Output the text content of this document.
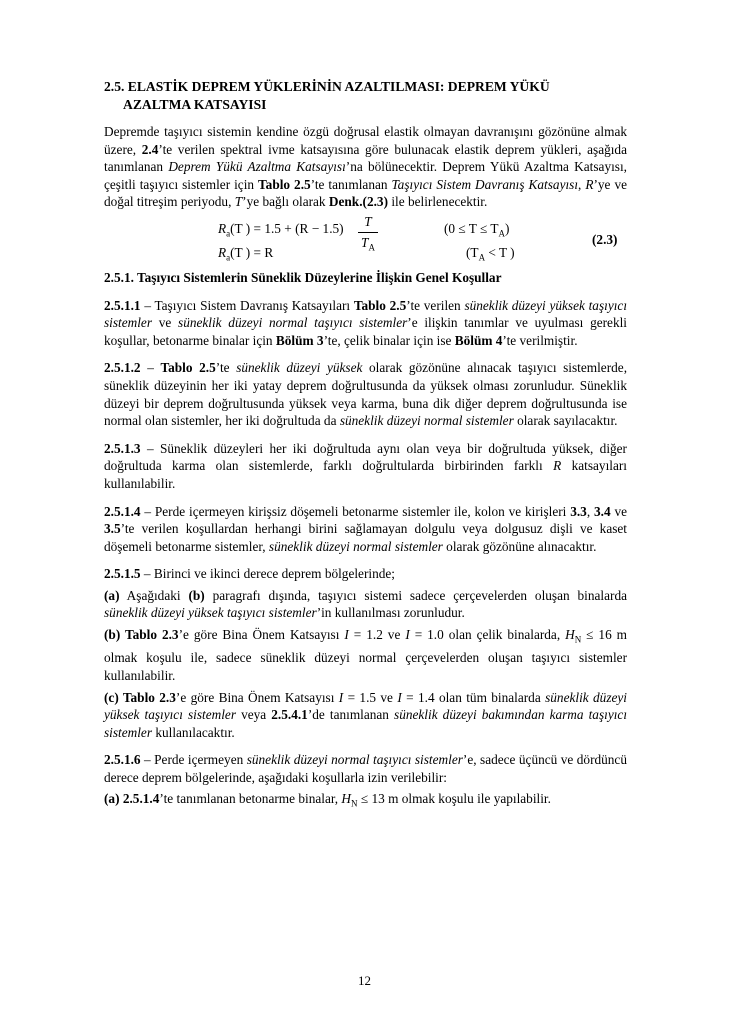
2.5. ELASTİK DEPREM YÜKLERİNİN AZALTILMASI: DEPREM YÜKÜ
AZALTMA KATSAYISI

Depremde taşıyıcı sistemin kendine özgü doğrusal elastik olmayan davranışını gözönüne almak üzere, 2.4’te verilen spektral ivme katsayısına göre bulunacak elastik deprem yükleri, aşağıda tanımlanan Deprem Yükü Azaltma Katsayısı’na bölünecektir. Deprem Yükü Azaltma Katsayısı, çeşitli taşıyıcı sistemler için Tablo 2.5’te tanımlanan Taşıyıcı Sistem Davranış Katsayısı, R’ye ve doğal titreşim periyodu, T’ye bağlı olarak Denk.(2.3) ile belirlenecektir.

$R_a(T$ ) = 1.5 + (R − 1.5)	T
$T_A$
$(0 \le T \le T_A)$
(2.3)
$R_a(T$ ) = R	($T_A < T$ )
2.5.1. Taşıyıcı Sistemlerin Süneklik Düzeylerine İlişkin Genel Koşullar

2.5.1.1 – Taşıyıcı Sistem Davranış Katsayıları Tablo 2.5’te verilen süneklik düzeyi yüksek taşıyıcı sistemler ve süneklik düzeyi normal taşıyıcı sistemler’e ilişkin tanımlar ve uyulması gerekli koşullar, betonarme binalar için Bölüm 3’te, çelik binalar için ise Bölüm 4’te verilmiştir.

2.5.1.2 – Tablo 2.5’te süneklik düzeyi yüksek olarak gözönüne alınacak taşıyıcı sistemlerde, süneklik düzeyinin her iki yatay deprem doğrultusunda da yüksek olması zorunludur. Süneklik düzeyi bir deprem doğrultusunda yüksek veya karma, buna dik diğer deprem doğrultusunda ise normal olan sistemler, her iki doğrultuda da süneklik düzeyi normal sistemler olarak sayılacaktır.

2.5.1.3 – Süneklik düzeyleri her iki doğrultuda aynı olan veya bir doğrultuda yüksek, diğer doğrultuda karma olan sistemlerde, farklı doğrultularda birbirinden farklı R katsayıları kullanılabilir.

2.5.1.4 – Perde içermeyen kirişsiz döşemeli betonarme sistemler ile, kolon ve kirişleri 3.3, 3.4 ve 3.5’te verilen koşullardan herhangi birini sağlamayan dolgulu veya dolgusuz dişli ve kaset döşemeli betonarme sistemler, süneklik düzeyi normal sistemler olarak gözönüne alınacaktır.

2.5.1.5 – Birinci ve ikinci derece deprem bölgelerinde;

(a) Aşağıdaki (b) paragrafı dışında, taşıyıcı sistemi sadece çerçevelerden oluşan binalarda süneklik düzeyi yüksek taşıyıcı sistemler’in kullanılması zorunludur.

(b) Tablo 2.3’e göre Bina Önem Katsayısı I = 1.2 ve I = 1.0 olan çelik binalarda, $H_N \le 16$ m olmak koşulu ile, sadece süneklik düzeyi normal çerçevelerden oluşan taşıyıcı sistemler kullanılabilir.

(c) Tablo 2.3’e göre Bina Önem Katsayısı I = 1.5 ve I = 1.4 olan tüm binalarda süneklik düzeyi yüksek taşıyıcı sistemler veya 2.5.4.1’de tanımlanan süneklik düzeyi bakımından karma taşıyıcı sistemler kullanılacaktır.

2.5.1.6 – Perde içermeyen süneklik düzeyi normal taşıyıcı sistemler’e, sadece üçüncü ve dördüncü derece deprem bölgelerinde, aşağıdaki koşullarla izin verilebilir:

(a) 2.5.1.4’te tanımlanan betonarme binalar, $H_N \le 13$ m olmak koşulu ile yapılabilir.

12
